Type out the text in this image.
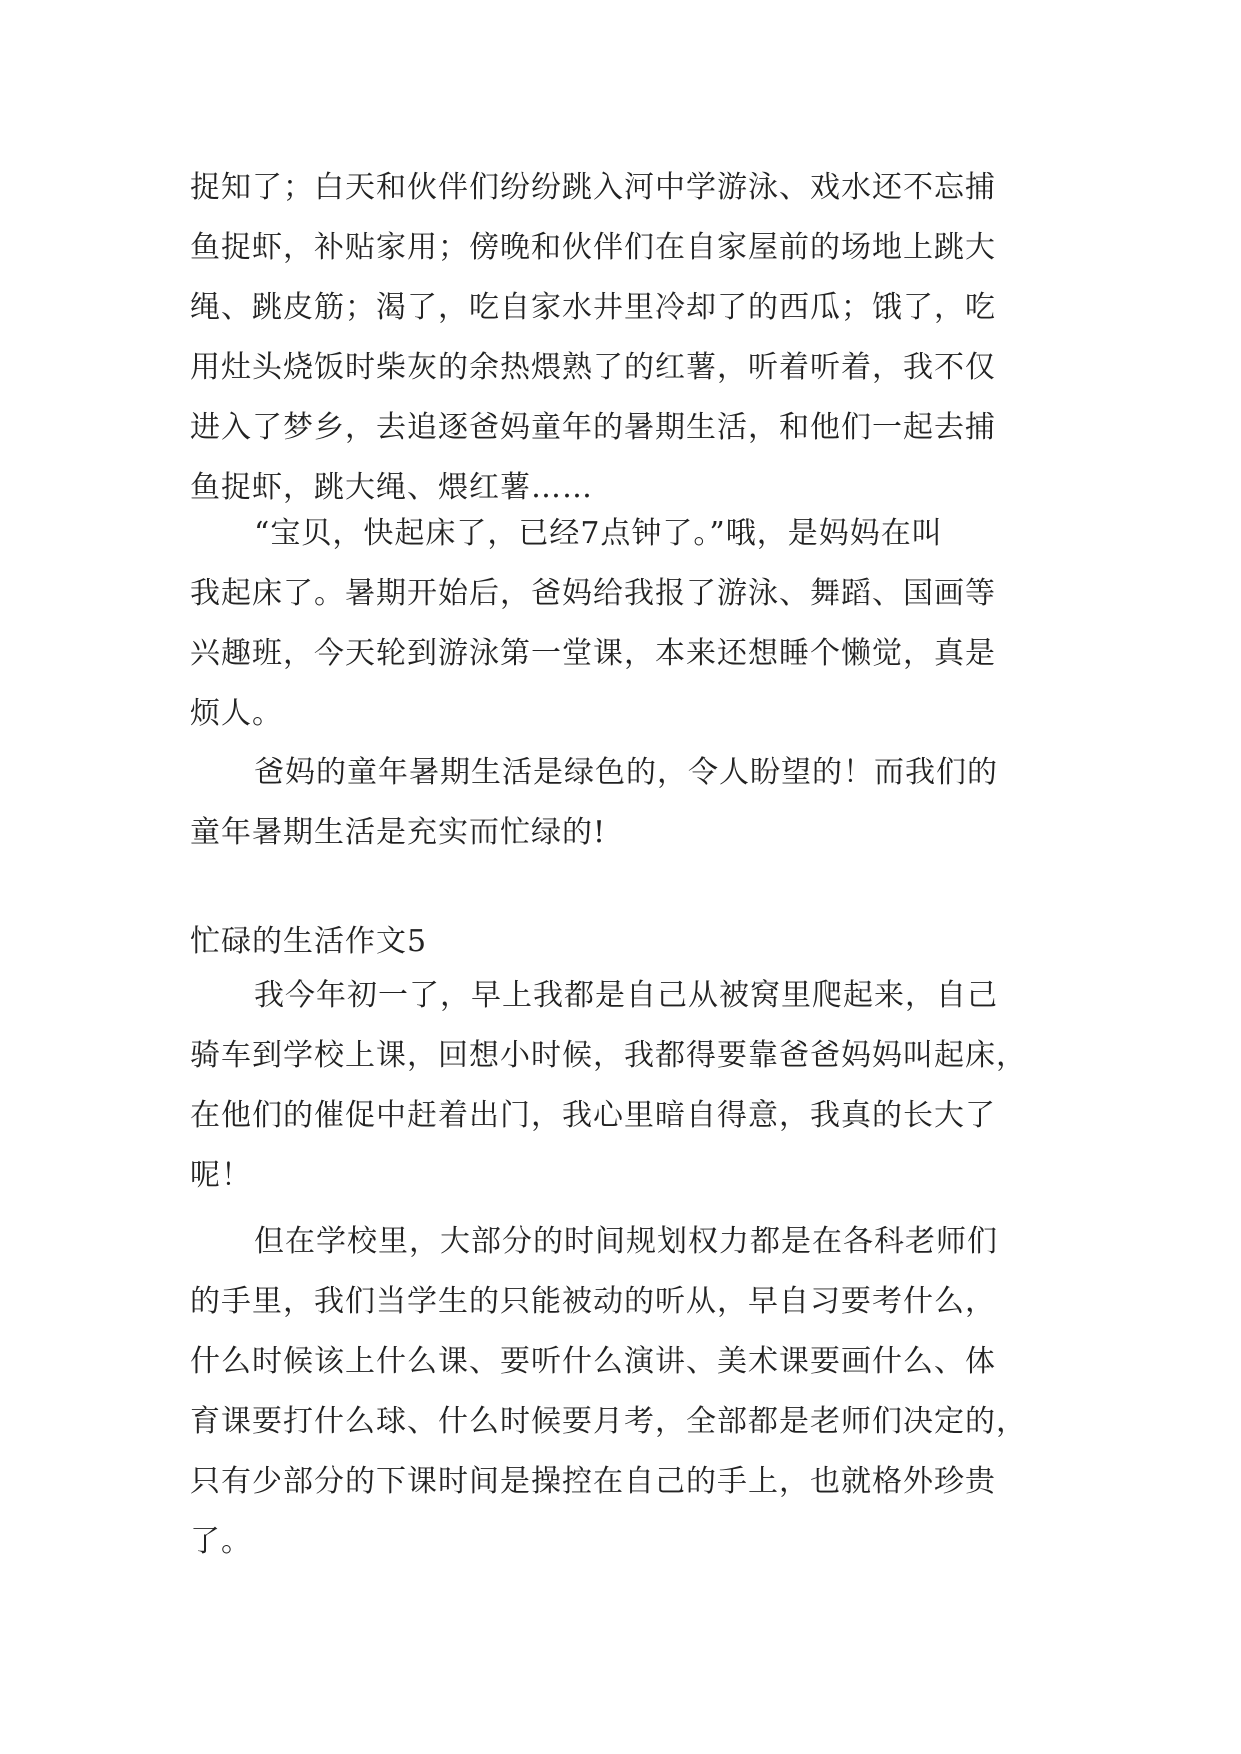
捉知了；白天和伙伴们纷纷跳入河中学游泳、戏水还不忘捕

鱼捉虾，补贴家用；傍晚和伙伴们在自家屋前的场地上跳大

绳、跳皮筋；渴了，吃自家水井里冷却了的西瓜；饿了，吃

用灶头烧饭时柴灰的余热煨熟了的红薯，听着听着，我不仅

进入了梦乡，去追逐爸妈童年的暑期生活，和他们一起去捕

鱼捉虾，跳大绳、煨红薯……

“宝贝，快起床了，已经7点钟了。”哦，是妈妈在叫

我起床了。暑期开始后，爸妈给我报了游泳、舞蹈、国画等

兴趣班，今天轮到游泳第一堂课，本来还想睡个懒觉，真是

烦人。

爸妈的童年暑期生活是绿色的，令人盼望的！而我们的

童年暑期生活是充实而忙绿的!

忙碌的生活作文5

我今年初一了，早上我都是自己从被窝里爬起来，自己

骑车到学校上课，回想小时候，我都得要靠爸爸妈妈叫起床，

在他们的催促中赶着出门，我心里暗自得意，我真的长大了

呢！

但在学校里，大部分的时间规划权力都是在各科老师们

的手里，我们当学生的只能被动的听从，早自习要考什么，

什么时候该上什么课、要听什么演讲、美术课要画什么、体

育课要打什么球、什么时候要月考，全部都是老师们决定的，

只有少部分的下课时间是操控在自己的手上，也就格外珍贵

了。
